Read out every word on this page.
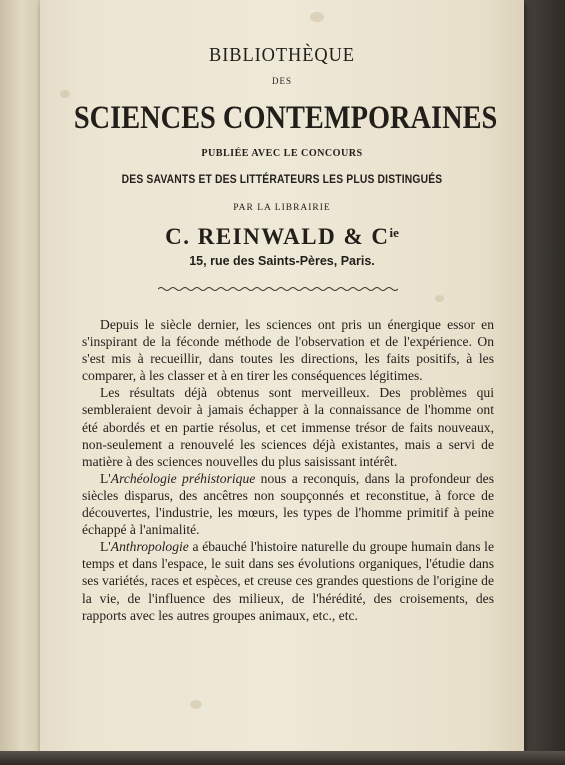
BIBLIOTHÈQUE
DES
SCIENCES CONTEMPORAINES
PUBLIÉE AVEC LE CONCOURS
DES SAVANTS ET DES LITTÉRATEURS LES PLUS DISTINGUÉS
PAR LA LIBRAIRIE
C. REINWALD & $C^{ie}$
15, rue des Saints-Pères, Paris.

Depuis le siècle dernier, les sciences ont pris un énergique essor en s'inspirant de la féconde méthode de l'observation et de l'expérience. On s'est mis à recueillir, dans toutes les directions, les faits positifs, à les comparer, à les classer et à en tirer les conséquences légitimes.

Les résultats déjà obtenus sont merveilleux. Des problèmes qui sembleraient devoir à jamais échapper à la connaissance de l'homme ont été abordés et en partie résolus, et cet immense trésor de faits nouveaux, non-seulement a renouvelé les sciences déjà existantes, mais a servi de matière à des sciences nouvelles du plus saisissant intérêt.

L'Archéologie préhistorique nous a reconquis, dans la profondeur des siècles disparus, des ancêtres non soupçonnés et reconstitue, à force de découvertes, l'industrie, les mœurs, les types de l'homme primitif à peine échappé à l'animalité.

L'Anthropologie a ébauché l'histoire naturelle du groupe humain dans le temps et dans l'espace, le suit dans ses évolutions organiques, l'étudie dans ses variétés, races et espèces, et creuse ces grandes questions de l'origine de la vie, de l'influence des milieux, de l'hérédité, des croisements, des rapports avec les autres groupes animaux, etc., etc.
